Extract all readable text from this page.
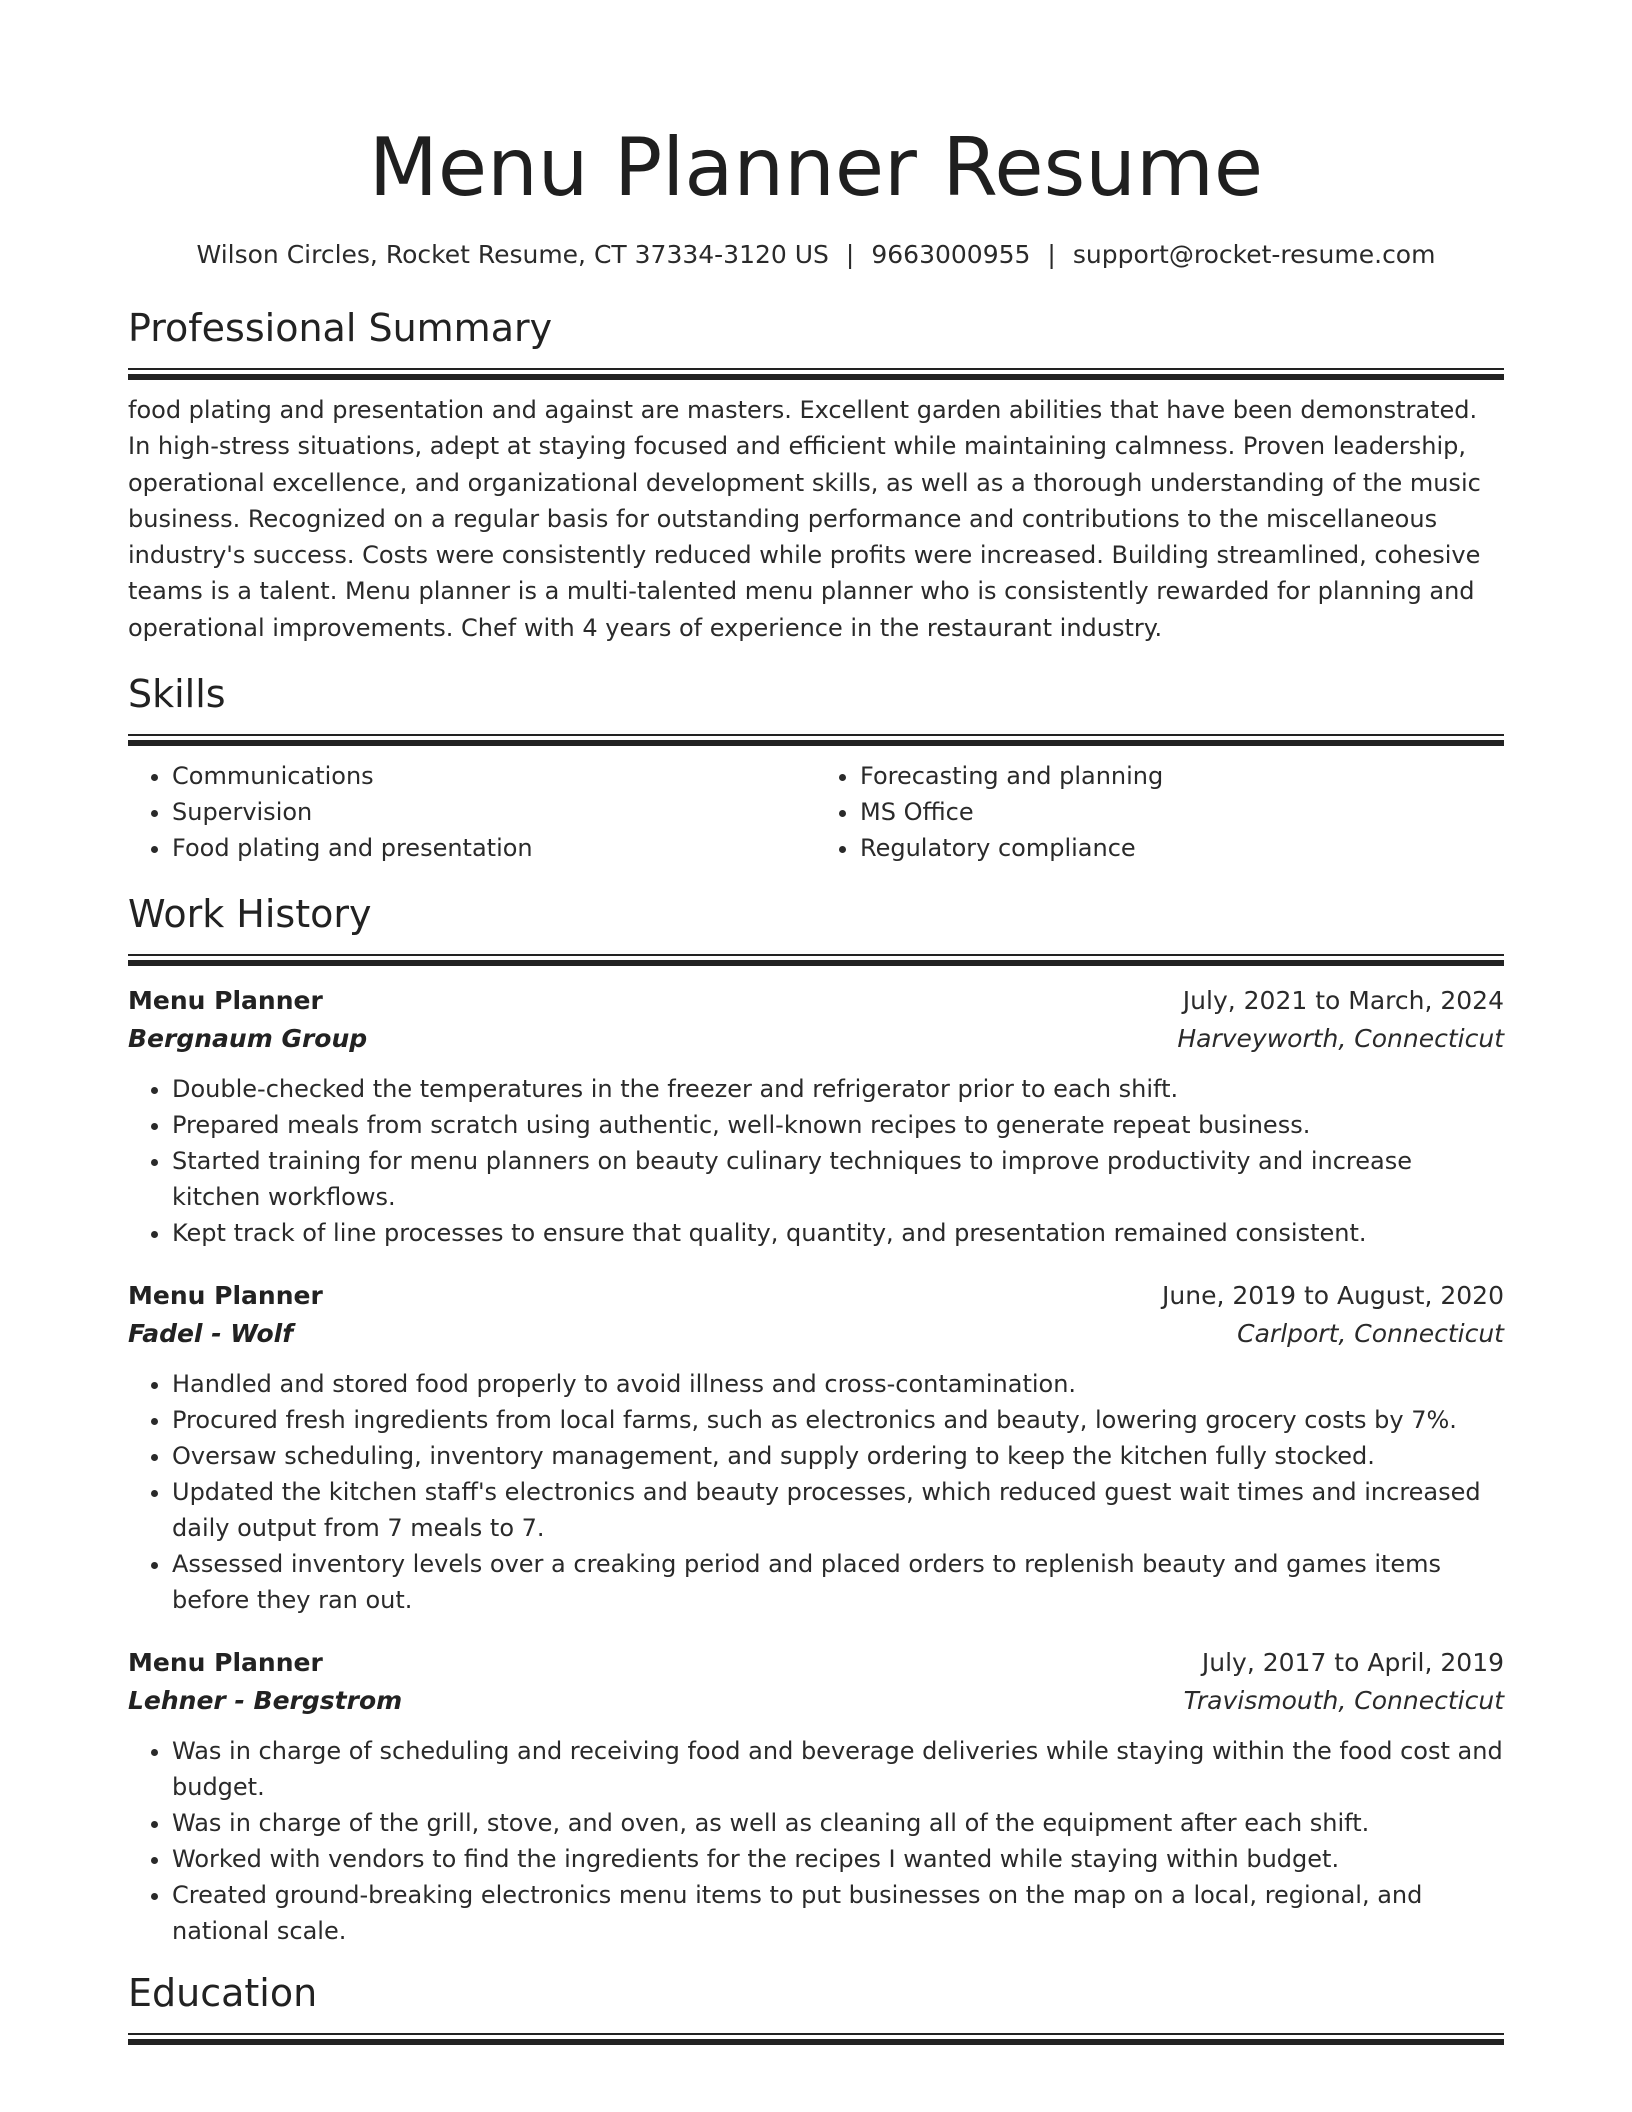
Menu Planner Resume
Wilson Circles, Rocket Resume, CT 37334-3120 US | 9663000955 | support@rocket-resume.com
Professional Summary
food plating and presentation and against are masters. Excellent garden abilities that have been demonstrated. In high-stress situations, adept at staying focused and efficient while maintaining calmness. Proven leadership, operational excellence, and organizational development skills, as well as a thorough understanding of the music business. Recognized on a regular basis for outstanding performance and contributions to the miscellaneous industry's success. Costs were consistently reduced while profits were increased. Building streamlined, cohesive teams is a talent. Menu planner is a multi-talented menu planner who is consistently rewarded for planning and operational improvements. Chef with 4 years of experience in the restaurant industry.
Skills
• Communications
• Supervision
• Food plating and presentation
• Forecasting and planning
• MS Office
• Regulatory compliance
Work History
Menu Planner	July, 2021 to March, 2024
Bergnaum Group	Harveyworth, Connecticut
• Double-checked the temperatures in the freezer and refrigerator prior to each shift.
• Prepared meals from scratch using authentic, well-known recipes to generate repeat business.
• Started training for menu planners on beauty culinary techniques to improve productivity and increase kitchen workflows.
• Kept track of line processes to ensure that quality, quantity, and presentation remained consistent.
Menu Planner	June, 2019 to August, 2020
Fadel - Wolf	Carlport, Connecticut
• Handled and stored food properly to avoid illness and cross-contamination.
• Procured fresh ingredients from local farms, such as electronics and beauty, lowering grocery costs by 7%.
• Oversaw scheduling, inventory management, and supply ordering to keep the kitchen fully stocked.
• Updated the kitchen staff's electronics and beauty processes, which reduced guest wait times and increased daily output from 7 meals to 7.
• Assessed inventory levels over a creaking period and placed orders to replenish beauty and games items before they ran out.
Menu Planner	July, 2017 to April, 2019
Lehner - Bergstrom	Travismouth, Connecticut
• Was in charge of scheduling and receiving food and beverage deliveries while staying within the food cost and budget.
• Was in charge of the grill, stove, and oven, as well as cleaning all of the equipment after each shift.
• Worked with vendors to find the ingredients for the recipes I wanted while staying within budget.
• Created ground-breaking electronics menu items to put businesses on the map on a local, regional, and national scale.
Education
